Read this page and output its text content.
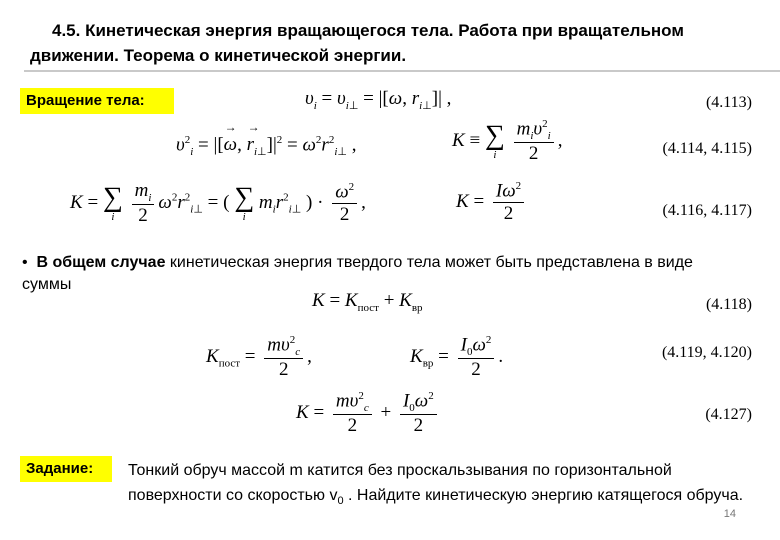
4.5. Кинетическая энергия вращающегося тела. Работа при вращательном
движении. Теорема о кинетической энергии.
Вращение тела:	$\upsilon_i = \upsilon_{i\perp} = |[\omega$, $r_{i\perp}]|$ ,	(4.113)
$\upsilon^2_i$ = |[→ ω, → $r_{i\perp}]|^2 = \omega^2r^2_{i\perp}$ ,	K ≡ ∑
i
$\frac{m_i\upsilon^2_i}{2}$ ,	(4.114, 4.115)
K = ∑
i
$\frac{m_i}{2} \omega^2r^2_{i\perp}$ = ( ∑
i
$m_ir^2_{i\perp}$ ) · $\frac{\omega^2}{2}$ ,	$K = \frac{I\omega^2}{2}$	(4.116, 4.117)
• В общем случае кинетическая энергия твердого тела может быть представлена в виде суммы
$K = K_{пост} + K_{вр}$	(4.118)
$K_{пост} = \frac{m\upsilon^2_c}{2}$ ,	$K_{вр} = \frac{I_0\omega^2}{2}$ .	(4.119, 4.120)
$K = \frac{m\upsilon^2_c}{2} + \frac{I_0\omega^2}{2}$	(4.127)
Задание:	Тонкий обруч массой m катится без проскальзывания по горизонтальной поверхности со скоростью $v_0$ . Найдите кинетическую энергию катящегося обруча.
14
